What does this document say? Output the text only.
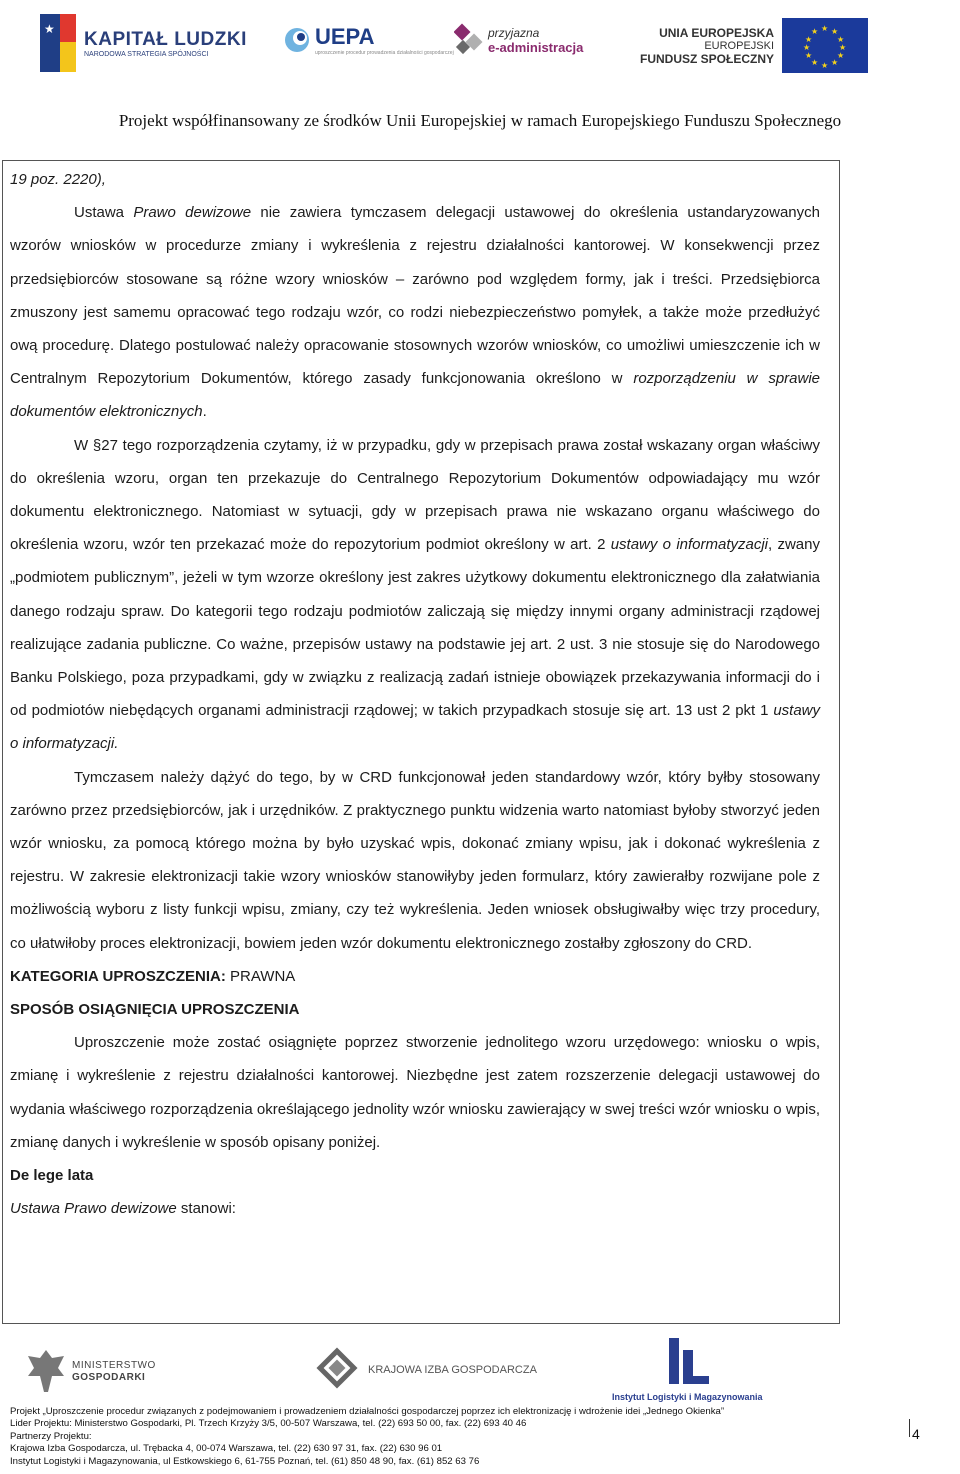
★ KAPITAŁ LUDZKI
NARODOWA STRATEGIA SPÓJNOŚCI
UEPA
uproszczenie procedur prowadzenia działalności gospodarczej
przyjazna
e-administracja
UNIA EUROPEJSKA
EUROPEJSKI
FUNDUSZ SPOŁECZNY
★ ★
★
★
★
★
★
★
★
★
★
★
Projekt współfinansowany ze środków Unii Europejskiej w ramach Europejskiego Funduszu Społecznego

19 poz. 2220),

Ustawa Prawo dewizowe nie zawiera tymczasem delegacji ustawowej do określenia ustandaryzowanych wzorów wniosków w procedurze zmiany i wykreślenia z rejestru działalności kantorowej. W konsekwencji przez przedsiębiorców stosowane są różne wzory wniosków – zarówno pod względem formy, jak i treści. Przedsiębiorca zmuszony jest samemu opracować tego rodzaju wzór, co rodzi niebezpieczeństwo pomyłek, a także może przedłużyć ową procedurę. Dlatego postulować należy opracowanie stosownych wzorów wniosków, co umożliwi umieszczenie ich w Centralnym Repozytorium Dokumentów, którego zasady funkcjonowania określono w rozporządzeniu w sprawie dokumentów elektronicznych.

W §27 tego rozporządzenia czytamy, iż w przypadku, gdy w przepisach prawa został wskazany organ właściwy do określenia wzoru, organ ten przekazuje do Centralnego Repozytorium Dokumentów odpowiadający mu wzór dokumentu elektronicznego. Natomiast w sytuacji, gdy w przepisach prawa nie wskazano organu właściwego do określenia wzoru, wzór ten przekazać może do repozytorium podmiot określony w art. 2 ustawy o informatyzacji, zwany „podmiotem publicznym”, jeżeli w tym wzorze określony jest zakres użytkowy dokumentu elektronicznego dla załatwiania danego rodzaju spraw. Do kategorii tego rodzaju podmiotów zaliczają się między innymi organy administracji rządowej realizujące zadania publiczne. Co ważne, przepisów ustawy na podstawie jej art. 2 ust. 3 nie stosuje się do Narodowego Banku Polskiego, poza przypadkami, gdy w związku z realizacją zadań istnieje obowiązek przekazywania informacji do i od podmiotów niebędących organami administracji rządowej; w takich przypadkach stosuje się art. 13 ust 2 pkt 1 ustawy o informatyzacji.

Tymczasem należy dążyć do tego, by w CRD funkcjonował jeden standardowy wzór, który byłby stosowany zarówno przez przedsiębiorców, jak i urzędników. Z praktycznego punktu widzenia warto natomiast byłoby stworzyć jeden wzór wniosku, za pomocą którego można by było uzyskać wpis, dokonać zmiany wpisu, jak i dokonać wykreślenia z rejestru. W zakresie elektronizacji takie wzory wniosków stanowiłyby jeden formularz, który zawierałby rozwijane pole z możliwością wyboru z listy funkcji wpisu, zmiany, czy też wykreślenia. Jeden wniosek obsługiwałby więc trzy procedury, co ułatwiłoby proces elektronizacji, bowiem jeden wzór dokumentu elektronicznego zostałby zgłoszony do CRD.

KATEGORIA UPROSZCZENIA: PRAWNA

SPOSÓB OSIĄGNIĘCIA UPROSZCZENIA

Uproszczenie może zostać osiągnięte poprzez stworzenie jednolitego wzoru urzędowego: wniosku o wpis, zmianę i wykreślenie z rejestru działalności kantorowej. Niezbędne jest zatem rozszerzenie delegacji ustawowej do wydania właściwego rozporządzenia określającego jednolity wzór wniosku zawierający w swej treści wzór wniosku o wpis, zmianę danych i wykreślenie w sposób opisany poniżej.

De lege lata

Ustawa Prawo dewizowe stanowi:

MINISTERSTWO
GOSPODARKI
KRAJOWA IZBA GOSPODARCZA
Instytut Logistyki i Magazynowania
Projekt „Uproszczenie procedur związanych z podejmowaniem i prowadzeniem działalności gospodarczej poprzez ich elektronizację i wdrożenie idei „Jednego Okienka”
Lider Projektu: Ministerstwo Gospodarki, Pl. Trzech Krzyży 3/5, 00-507 Warszawa, tel. (22) 693 50 00, fax. (22) 693 40 46
Partnerzy Projektu:
Krajowa Izba Gospodarcza, ul. Trębacka 4, 00-074 Warszawa, tel. (22) 630 97 31, fax. (22) 630 96 01
Instytut Logistyki i Magazynowania, ul Estkowskiego 6, 61-755 Poznań, tel. (61) 850 48 90, fax. (61) 852 63 76
4
